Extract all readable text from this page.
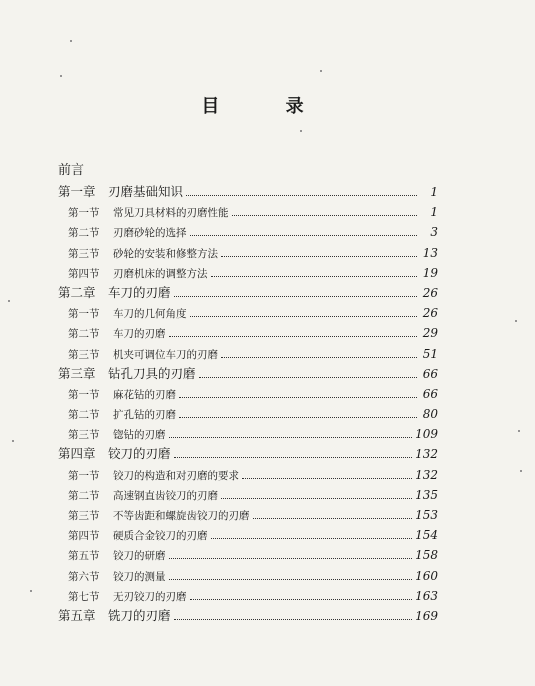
目 录
前言
第一章 刃磨基础知识	1
第一节	常见刀具材料的刃磨性能	1
第二节	刃磨砂轮的选择	3
第三节	砂轮的安装和修整方法	13
第四节	刃磨机床的调整方法	19
第二章 车刀的刃磨	26
第一节	车刀的几何角度	26
第二节	车刀的刃磨	29
第三节	机夹可调位车刀的刃磨	51
第三章 钻孔刀具的刃磨	66
第一节	麻花钻的刃磨	66
第二节	扩孔钻的刃磨	80
第三节	锪钻的刃磨	109
第四章 铰刀的刃磨	132
第一节	铰刀的构造和对刃磨的要求	132
第二节	高速钢直齿铰刀的刃磨	135
第三节	不等齿距和螺旋齿铰刀的刃磨	153
第四节	硬质合金铰刀的刃磨	154
第五节	铰刀的研磨	158
第六节	铰刀的测量	160
第七节	无刃铰刀的刃磨	163
第五章 铣刀的刃磨	169
